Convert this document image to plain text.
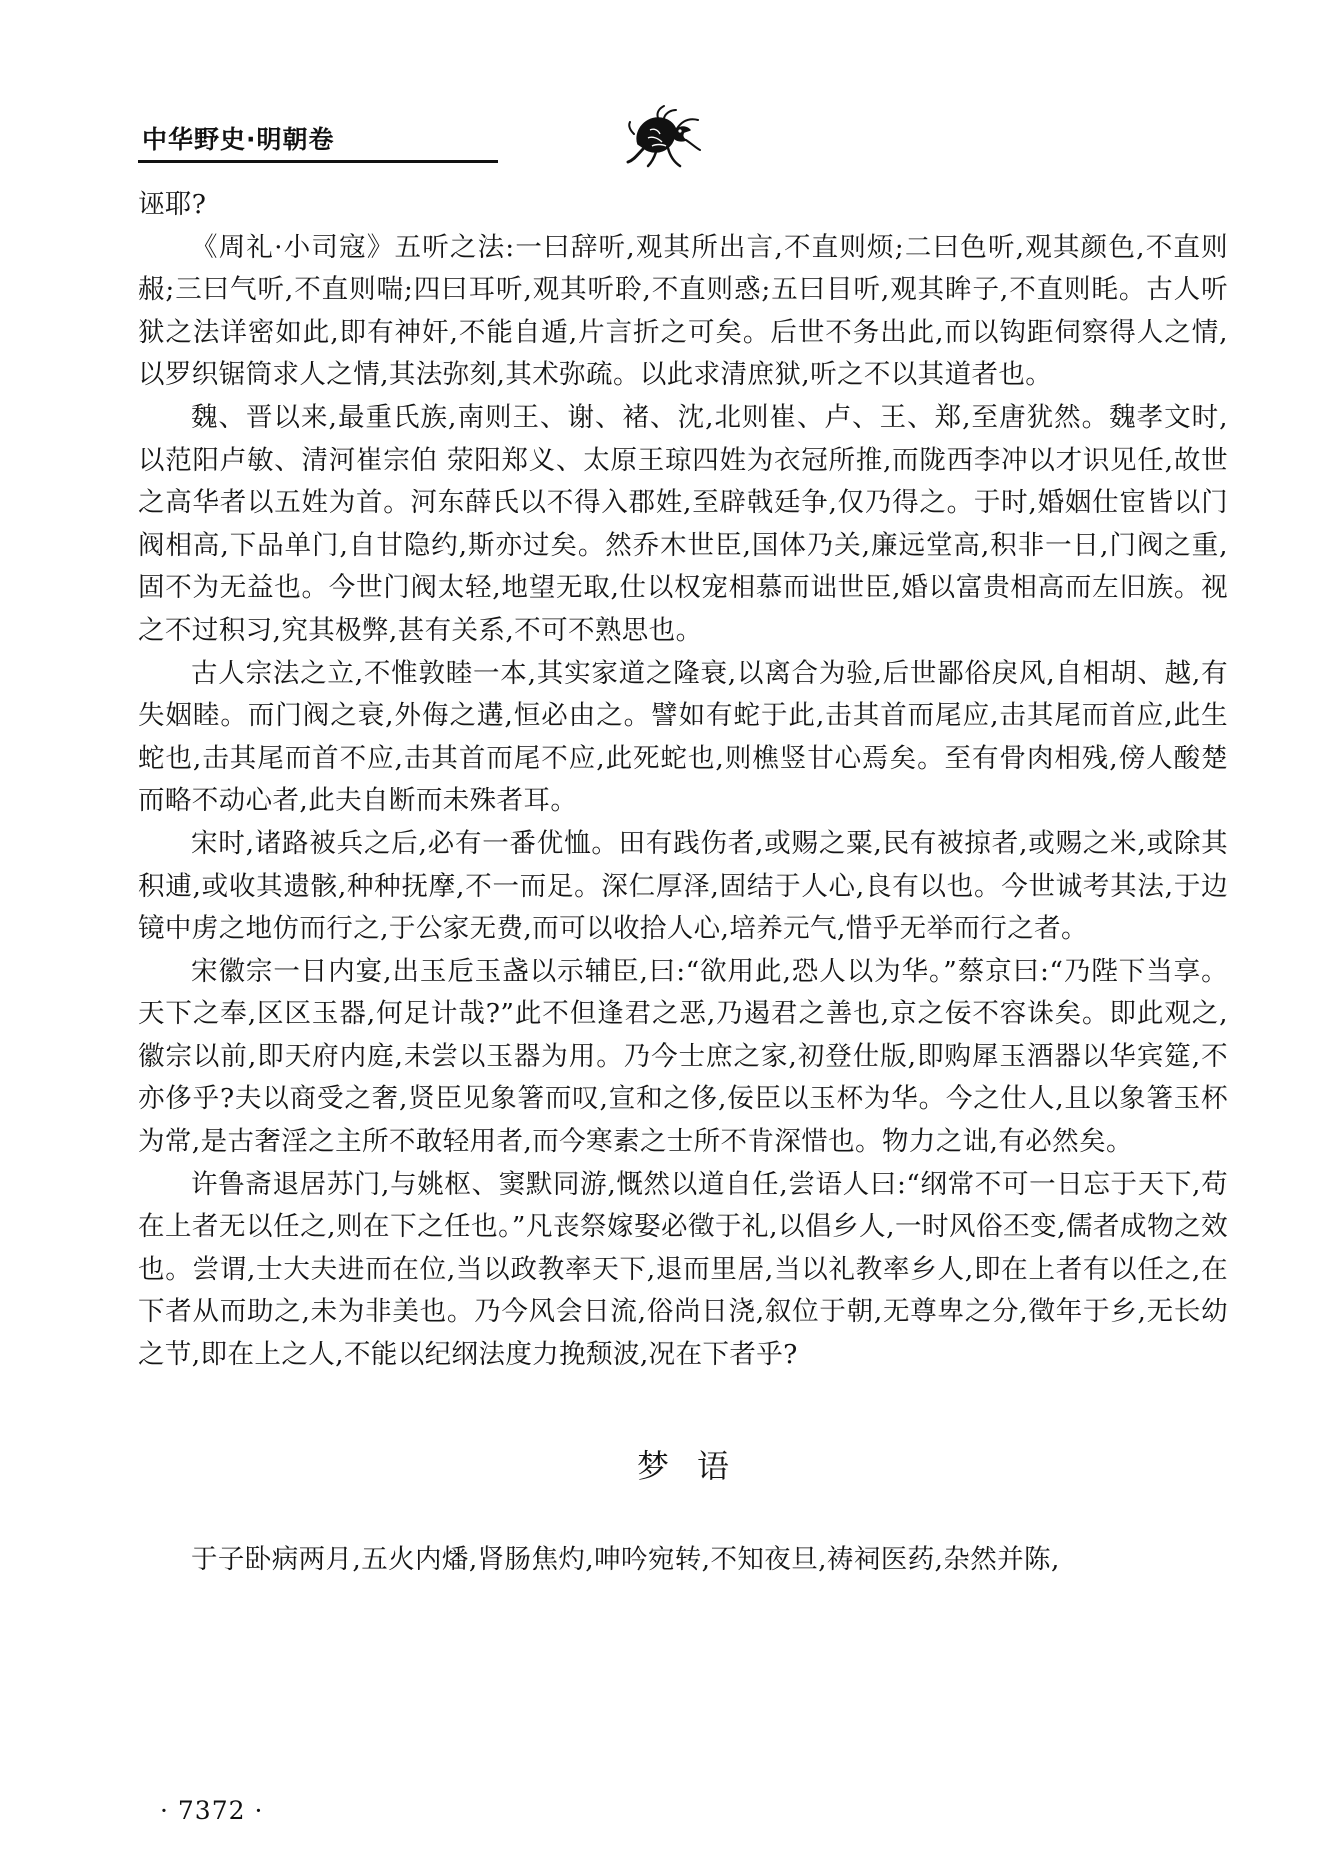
中华野史·明朝卷

诬耶?

《周礼·小司寇》五听之法:一曰辞听,观其所出言,不直则烦;二曰色听,观其颜色,不直则赧;三曰气听,不直则喘;四曰耳听,观其听聆,不直则惑;五曰目听,观其眸子,不直则眊。古人听狱之法详密如此,即有神奸,不能自遁,片言折之可矣。后世不务出此,而以钩距伺察得人之情,以罗织锯筒求人之情,其法弥刻,其术弥疏。以此求清庶狱,听之不以其道者也。

魏、晋以来,最重氏族,南则王、谢、褚、沈,北则崔、卢、王、郑,至唐犹然。魏孝文时,以范阳卢敏、清河崔宗伯 荥阳郑义、太原王琼四姓为衣冠所推,而陇西李冲以才识见任,故世之高华者以五姓为首。河东薛氏以不得入郡姓,至辟戟廷争,仅乃得之。于时,婚姻仕宦皆以门阀相高,下品单门,自甘隐约,斯亦过矣。然乔木世臣,国体乃关,廉远堂高,积非一日,门阀之重,固不为无益也。今世门阀太轻,地望无取,仕以权宠相慕而诎世臣,婚以富贵相高而左旧族。视之不过积习,究其极弊,甚有关系,不可不熟思也。

古人宗法之立,不惟敦睦一本,其实家道之隆衰,以离合为验,后世鄙俗戾风,自相胡、越,有失姻睦。而门阀之衰,外侮之遘,恒必由之。譬如有蛇于此,击其首而尾应,击其尾而首应,此生蛇也,击其尾而首不应,击其首而尾不应,此死蛇也,则樵竖甘心焉矣。至有骨肉相残,傍人酸楚而略不动心者,此夫自断而未殊者耳。

宋时,诸路被兵之后,必有一番优恤。田有践伤者,或赐之粟,民有被掠者,或赐之米,或除其积逋,或收其遗骸,种种抚摩,不一而足。深仁厚泽,固结于人心,良有以也。今世诚考其法,于边镜中虏之地仿而行之,于公家无费,而可以收拾人心,培养元气,惜乎无举而行之者。

宋徽宗一日内宴,出玉卮玉盏以示辅臣,曰:“欲用此,恐人以为华。”蔡京曰:“乃陛下当享。天下之奉,区区玉器,何足计哉?”此不但逢君之恶,乃遏君之善也,京之佞不容诛矣。即此观之,徽宗以前,即天府内庭,未尝以玉器为用。乃今士庶之家,初登仕版,即购犀玉酒器以华宾筵,不亦侈乎?夫以商受之奢,贤臣见象箸而叹,宣和之侈,佞臣以玉杯为华。今之仕人,且以象箸玉杯为常,是古奢淫之主所不敢轻用者,而今寒素之士所不肯深惜也。物力之诎,有必然矣。

许鲁斋退居苏门,与姚枢、窦默同游,慨然以道自任,尝语人曰:“纲常不可一日忘于天下,苟在上者无以任之,则在下之任也。”凡丧祭嫁娶必徵于礼,以倡乡人,一时风俗丕变,儒者成物之效也。尝谓,士大夫进而在位,当以政教率天下,退而里居,当以礼教率乡人,即在上者有以任之,在下者从而助之,未为非美也。乃今风会日流,俗尚日浇,叙位于朝,无尊卑之分,徵年于乡,无长幼之节,即在上之人,不能以纪纲法度力挽颓波,况在下者乎?

梦语

于子卧病两月,五火内燔,肾肠焦灼,呻吟宛转,不知夜旦,祷祠医药,杂然并陈,

· 7372 ·
